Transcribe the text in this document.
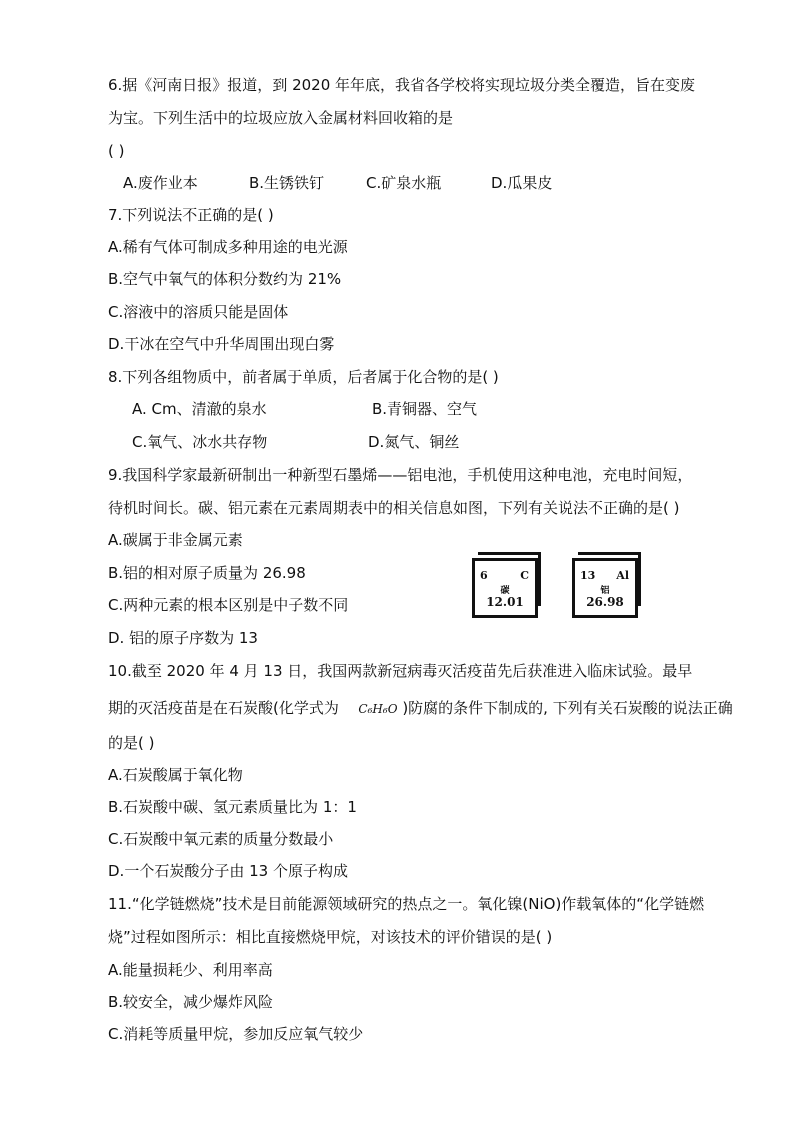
6.据《河南日报》报道，到 2020 年年底，我省各学校将实现垃圾分类全覆造，旨在变废
为宝。下列生活中的垃圾应放入金属材料回收箱的是
( )
A.废作业本	B.生锈铁钉	C.矿泉水瓶	D.瓜果皮
7.下列说法不正确的是( )
A.稀有气体可制成多种用途的电光源
B.空气中氧气的体积分数约为 21%
C.溶液中的溶质只能是固体
D.干冰在空气中升华周围出现白雾
8.下列各组物质中，前者属于单质，后者属于化合物的是( )
A. Cm、清澈的泉水	B.青铜器、空气
C.氧气、冰水共存物	D.氮气、铜丝
9.我国科学家最新研制出一种新型石墨烯——铝电池，手机使用这种电池，充电时间短，
待机时间长。碳、铝元素在元素周期表中的相关信息如图，下列有关说法不正确的是( )
A.碳属于非金属元素
B.铝的相对原子质量为 26.98
C.两种元素的根本区别是中子数不同
D. 铝的原子序数为 13
6	C
碳
12.01
13 Al
铝
26.98
10.截至 2020 年 4 月 13 日，我国两款新冠病毒灭活疫苗先后获准进入临床试验。最早
期的灭活疫苗是在石炭酸(化学式为 C₆H₆O )防腐的条件下制成的, 下列有关石炭酸的说法正确
的是( )
A.石炭酸属于氧化物
B.石炭酸中碳、氢元素质量比为 1：1
C.石炭酸中氧元素的质量分数最小
D.一个石炭酸分子由 13 个原子构成
11.“化学链燃烧”技术是目前能源领域研究的热点之一。氧化镍(NiO)作载氧体的“化学链燃
烧”过程如图所示：相比直接燃烧甲烷，对该技术的评价错误的是( )
A.能量损耗少、利用率高
B.较安全，减少爆炸风险
C.消耗等质量甲烷，参加反应氧气较少
